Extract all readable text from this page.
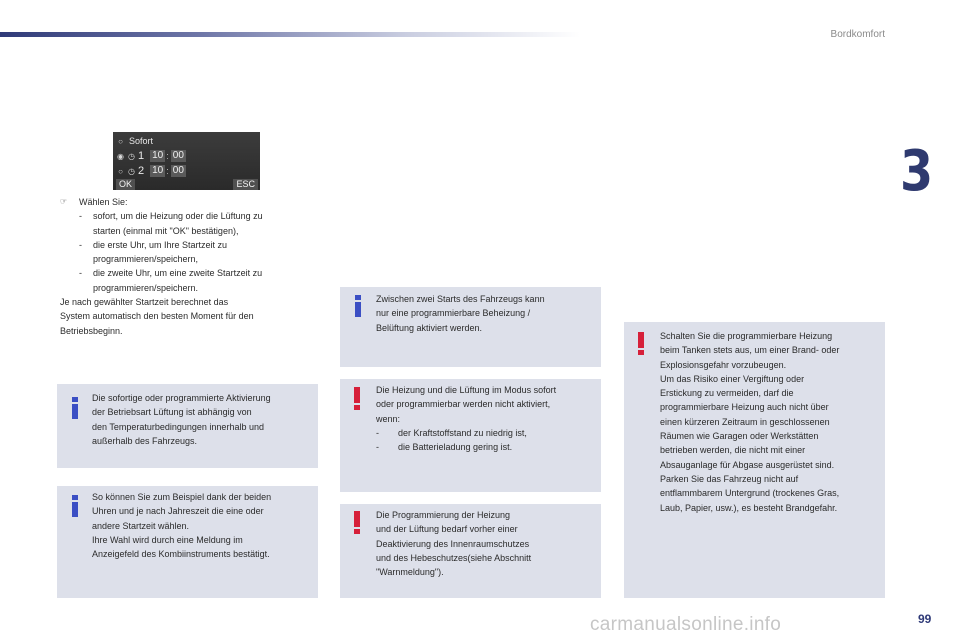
Bordkomfort
3
○ Sofort
◉ ◷ 1 10 : 00
○ ◷ 2 10 : 00
OK	ESC
☞ Wählen Sie:
- sofort, um die Heizung oder die Lüftung zu
starten (einmal mit "OK" bestätigen),
- die erste Uhr, um Ihre Startzeit zu
programmieren/speichern,
- die zweite Uhr, um eine zweite Startzeit zu
programmieren/speichern.
Je nach gewählter Startzeit berechnet das
System automatisch den besten Moment für den
Betriebsbeginn.
Die sofortige oder programmierte Aktivierung
der Betriebsart Lüftung ist abhängig von
den Temperaturbedingungen innerhalb und
außerhalb des Fahrzeugs.
So können Sie zum Beispiel dank der beiden
Uhren und je nach Jahreszeit die eine oder
andere Startzeit wählen.
Ihre Wahl wird durch eine Meldung im
Anzeigefeld des Kombiinstruments bestätigt.
Zwischen zwei Starts des Fahrzeugs kann
nur eine programmierbare Beheizung /
Belüftung aktiviert werden.
Die Heizung und die Lüftung im Modus sofort
oder programmierbar werden nicht aktiviert,
wenn:
- der Kraftstoffstand zu niedrig ist,
- die Batterieladung gering ist.
Die Programmierung der Heizung
und der Lüftung bedarf vorher einer
Deaktivierung des Innenraumschutzes
und des Hebeschutzes(siehe Abschnitt
"Warnmeldung").
Schalten Sie die programmierbare Heizung
beim Tanken stets aus, um einer Brand- oder
Explosionsgefahr vorzubeugen.
Um das Risiko einer Vergiftung oder
Erstickung zu vermeiden, darf die
programmierbare Heizung auch nicht über
einen kürzeren Zeitraum in geschlossenen
Räumen wie Garagen oder Werkstätten
betrieben werden, die nicht mit einer
Absauganlage für Abgase ausgerüstet sind.
Parken Sie das Fahrzeug nicht auf
entflammbarem Untergrund (trockenes Gras,
Laub, Papier, usw.), es besteht Brandgefahr.
carmanualsonline.info	99
